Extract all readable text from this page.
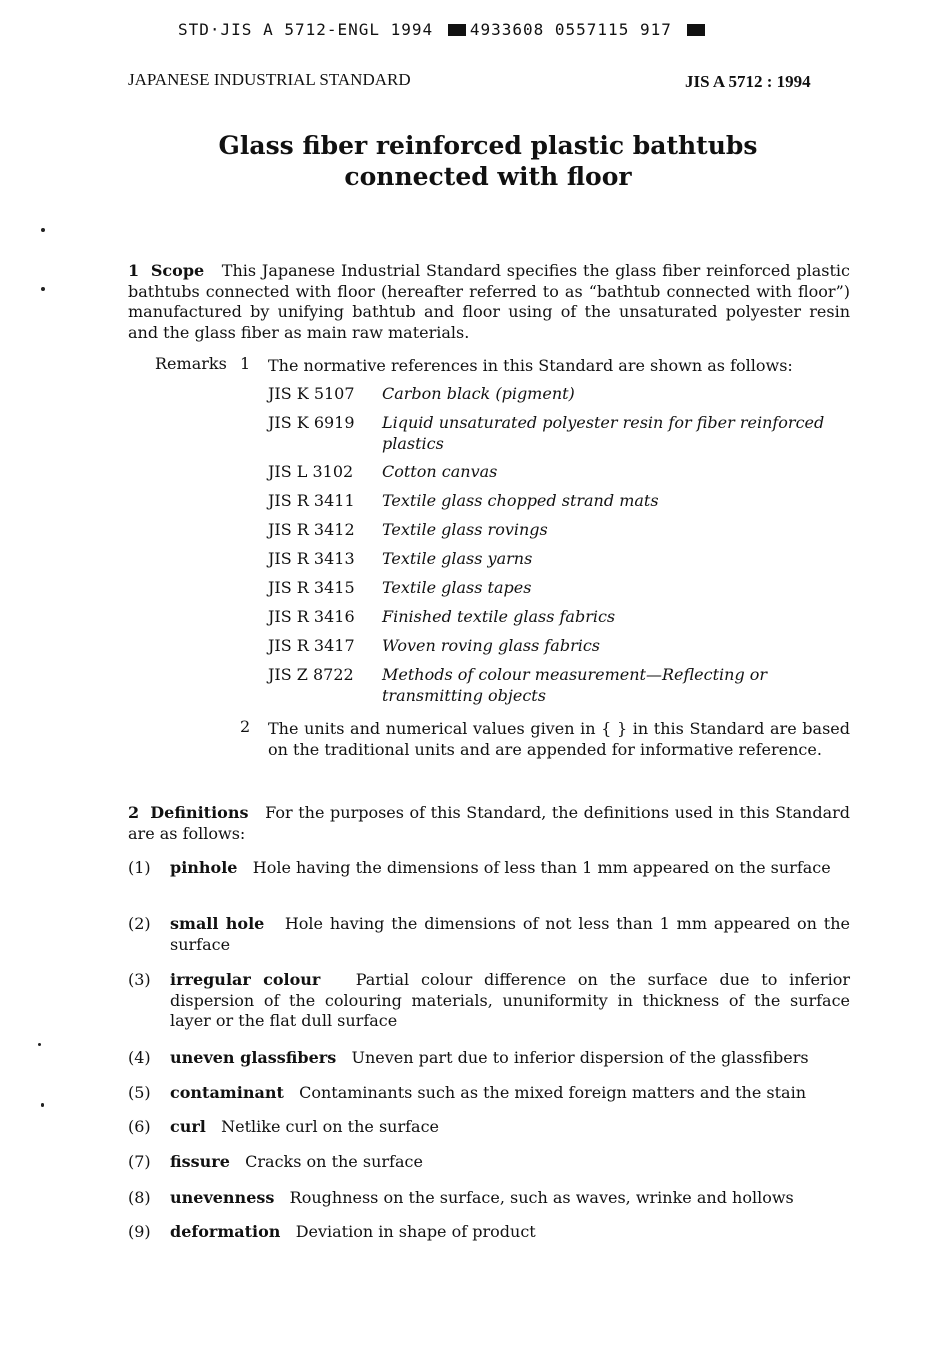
STD·JIS A 5712-ENGL 1994 4933608 0557115 917
JAPANESE INDUSTRIAL STANDARD	JIS A 5712 : 1994
Glass fiber reinforced plastic bathtubs
connected with floor
1 Scope This Japanese Industrial Standard specifies the glass fiber reinforced plastic bathtubs connected with floor (hereafter referred to as “bathtub connected with floor”) manufactured by unifying bathtub and floor using of the unsaturated polyester resin and the glass fiber as main raw materials.
Remarks 1 The normative references in this Standard are shown as follows:
JIS K 5107 Carbon black (pigment)
JIS K 6919 Liquid unsaturated polyester resin for fiber reinforced plastics
JIS L 3102 Cotton canvas
JIS R 3411 Textile glass chopped strand mats
JIS R 3412 Textile glass rovings
JIS R 3413 Textile glass yarns
JIS R 3415 Textile glass tapes
JIS R 3416 Finished textile glass fabrics
JIS R 3417 Woven roving glass fabrics
JIS Z 8722 Methods of colour measurement—Reflecting or transmitting objects
2 The units and numerical values given in { } in this Standard are based on the traditional units and are appended for informative reference.
2 Definitions For the purposes of this Standard, the definitions used in this Standard are as follows:
(1) pinhole Hole having the dimensions of less than 1 mm appeared on the surface
(2) small hole Hole having the dimensions of not less than 1 mm appeared on the surface
(3) irregular colour Partial colour difference on the surface due to inferior dispersion of the colouring materials, ununiformity in thickness of the surface layer or the flat dull surface
(4) uneven glassfibers Uneven part due to inferior dispersion of the glassfibers
(5) contaminant Contaminants such as the mixed foreign matters and the stain
(6) curl Netlike curl on the surface
(7) fissure Cracks on the surface
(8) unevenness Roughness on the surface, such as waves, wrinke and hollows
(9) deformation Deviation in shape of product
